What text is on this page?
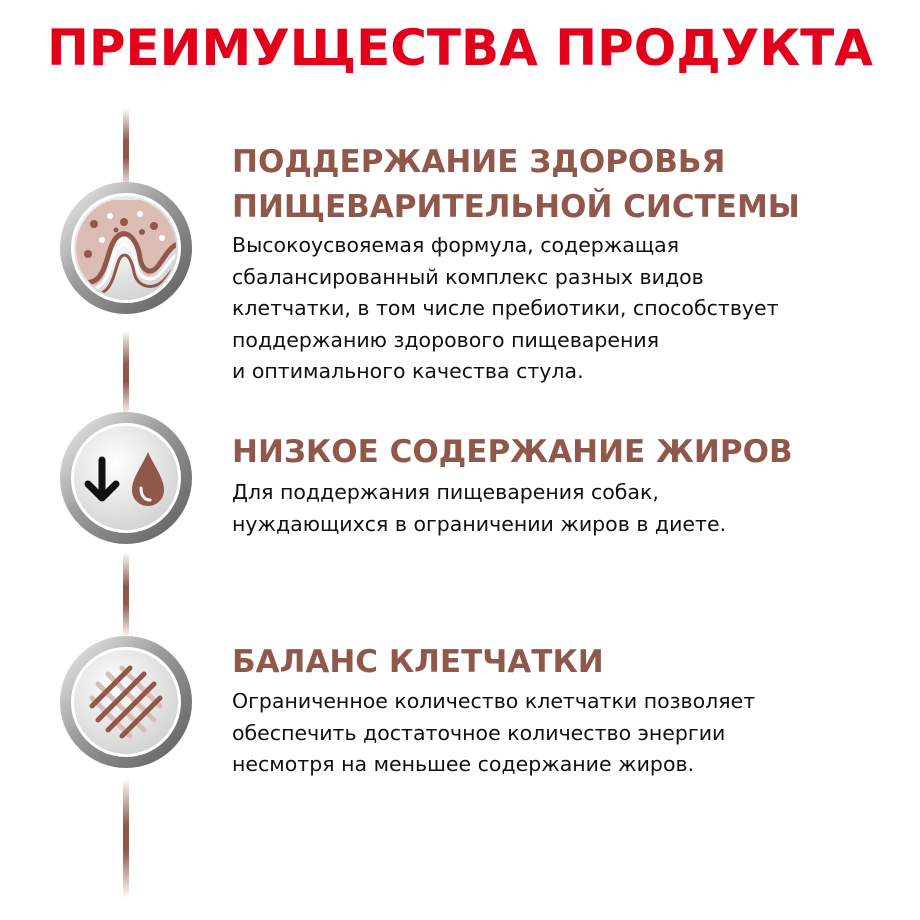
ПРЕИМУЩЕСТВА ПРОДУКТА
ПОДДЕРЖАНИЕ ЗДОРОВЬЯ
ПИЩЕВАРИТЕЛЬНОЙ СИСТЕМЫ
Высокоусвояемая формула, содержащая
сбалансированный комплекс разных видов
клетчатки, в том числе пребиотики, способствует
поддержанию здорового пищеварения
и оптимального качества стула.
НИЗКОЕ СОДЕРЖАНИЕ ЖИРОВ
Для поддержания пищеварения собак,
нуждающихся в ограничении жиров в диете.
БАЛАНС КЛЕТЧАТКИ
Ограниченное количество клетчатки позволяет
обеспечить достаточное количество энергии
несмотря на меньшее содержание жиров.
